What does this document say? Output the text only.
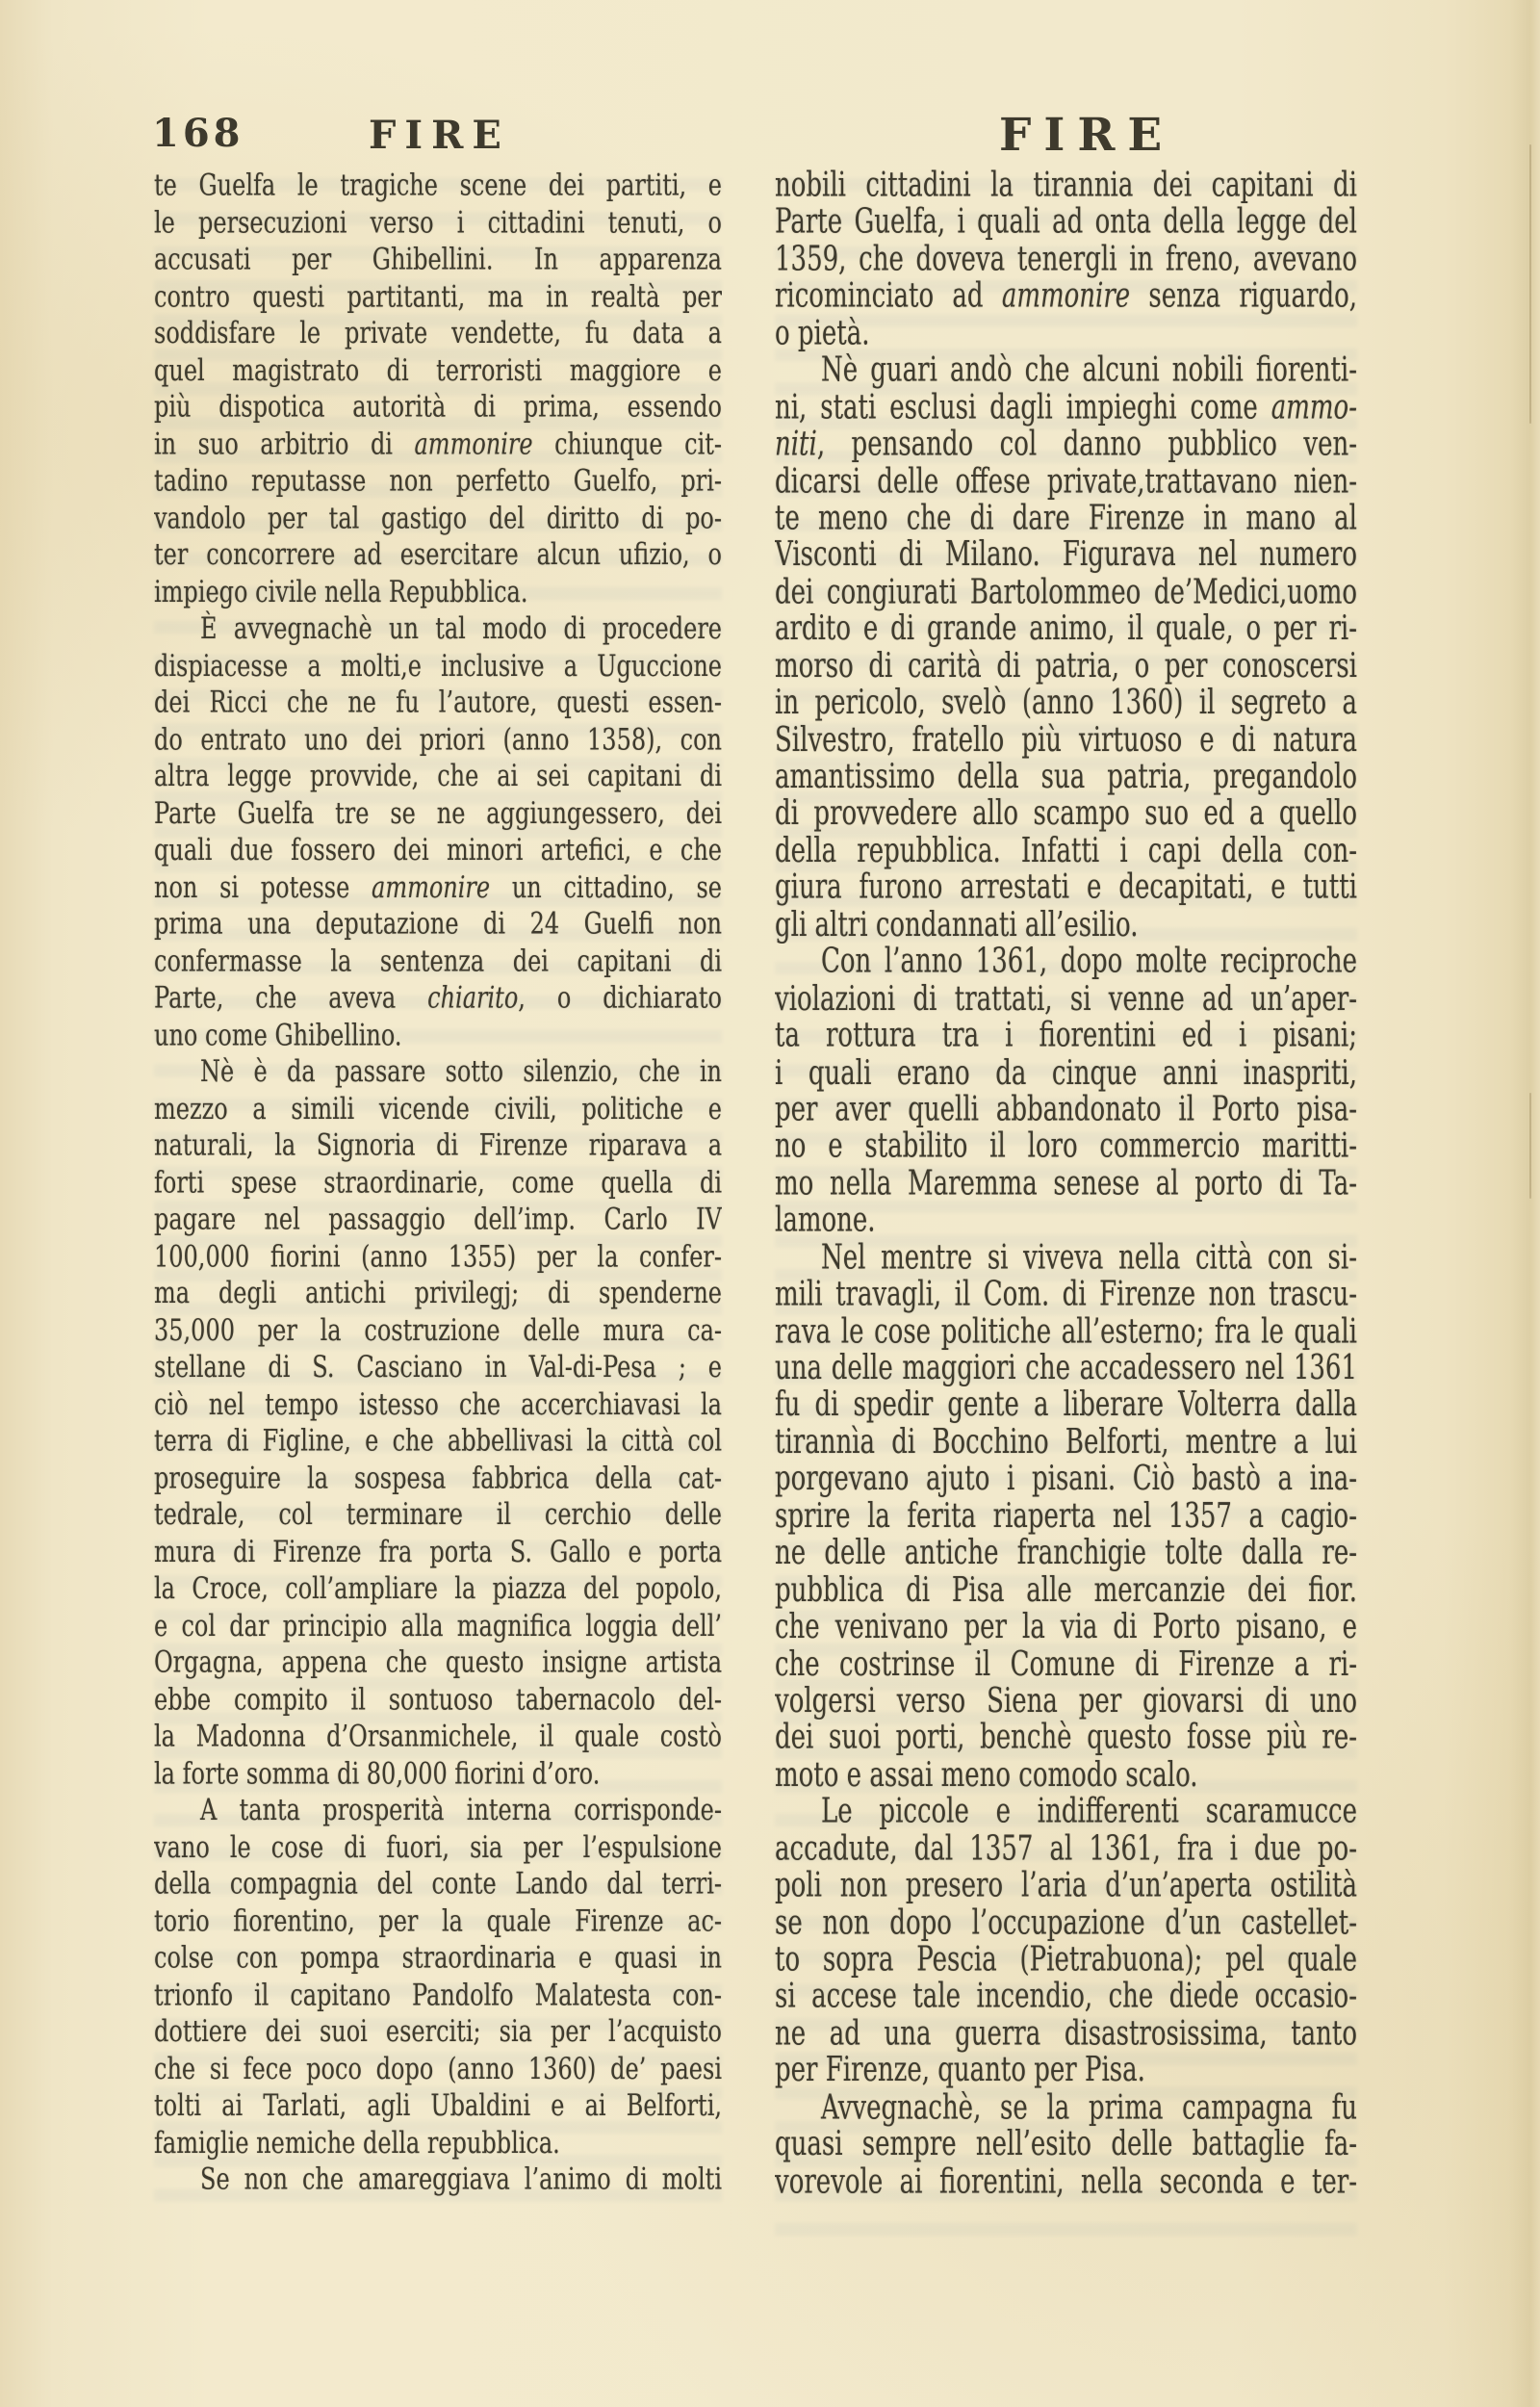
168	FIRE	FIRE
te Guelfa le tragiche scene dei partiti, e
le persecuzioni verso i cittadini tenuti, o
accusati per Ghibellini. In apparenza
contro questi partitanti, ma in realtà per
soddisfare le private vendette, fu data a
quel magistrato di terroristi maggiore e
più dispotica autorità di prima, essendo
in suo arbitrio di ammonire chiunque cit-
tadino reputasse non perfetto Guelfo, pri-
vandolo per tal gastigo del diritto di po-
ter concorrere ad esercitare alcun ufizio, o
impiego civile nella Repubblica.
È avvegnachè un tal modo di procedere
dispiacesse a molti,e inclusive a Uguccione
dei Ricci che ne fu l’autore, questi essen-
do entrato uno dei priori (anno 1358), con
altra legge provvide, che ai sei capitani di
Parte Guelfa tre se ne aggiungessero, dei
quali due fossero dei minori artefici, e che
non si potesse ammonire un cittadino, se
prima una deputazione di 24 Guelfi non
confermasse la sentenza dei capitani di
Parte, che aveva chiarito, o dichiarato
uno come Ghibellino.
Nè è da passare sotto silenzio, che in
mezzo a simili vicende civili, politiche e
naturali, la Signoria di Firenze riparava a
forti spese straordinarie, come quella di
pagare nel passaggio dell’imp. Carlo IV
100,000 fiorini (anno 1355) per la confer-
ma degli antichi privilegj; di spenderne
35,000 per la costruzione delle mura ca-
stellane di S. Casciano in Val-di-Pesa ; e
ciò nel tempo istesso che accerchiavasi la
terra di Figline, e che abbellivasi la città col
proseguire la sospesa fabbrica della cat-
tedrale, col terminare il cerchio delle
mura di Firenze fra porta S. Gallo e porta
la Croce, coll’ampliare la piazza del popolo,
e col dar principio alla magnifica loggia dell’
Orgagna, appena che questo insigne artista
ebbe compito il sontuoso tabernacolo del-
la Madonna d’Orsanmichele, il quale costò
la forte somma di 80,000 fiorini d’oro.
A tanta prosperità interna corrisponde-
vano le cose di fuori, sia per l’espulsione
della compagnia del conte Lando dal terri-
torio fiorentino, per la quale Firenze ac-
colse con pompa straordinaria e quasi in
trionfo il capitano Pandolfo Malatesta con-
dottiere dei suoi eserciti; sia per l’acquisto
che si fece poco dopo (anno 1360) de’ paesi
tolti ai Tarlati, agli Ubaldini e ai Belforti,
famiglie nemiche della repubblica.
Se non che amareggiava l’animo di molti
nobili cittadini la tirannia dei capitani di
Parte Guelfa, i quali ad onta della legge del
1359, che doveva tenergli in freno, avevano
ricominciato ad ammonire senza riguardo,
o pietà.
Nè guari andò che alcuni nobili fiorenti-
ni, stati esclusi dagli impieghi come ammo-
niti, pensando col danno pubblico ven-
dicarsi delle offese private,trattavano nien-
te meno che di dare Firenze in mano al
Visconti di Milano. Figurava nel numero
dei congiurati Bartolommeo de’Medici,uomo
ardito e di grande animo, il quale, o per ri-
morso di carità di patria, o per conoscersi
in pericolo, svelò (anno 1360) il segreto a
Silvestro, fratello più virtuoso e di natura
amantissimo della sua patria, pregandolo
di provvedere allo scampo suo ed a quello
della repubblica. Infatti i capi della con-
giura furono arrestati e decapitati, e tutti
gli altri condannati all’esilio.
Con l’anno 1361, dopo molte reciproche
violazioni di trattati, si venne ad un’aper-
ta rottura tra i fiorentini ed i pisani;
i quali erano da cinque anni inaspriti,
per aver quelli abbandonato il Porto pisa-
no e stabilito il loro commercio maritti-
mo nella Maremma senese al porto di Ta-
lamone.
Nel mentre si viveva nella città con si-
mili travagli, il Com. di Firenze non trascu-
rava le cose politiche all’esterno; fra le quali
una delle maggiori che accadessero nel 1361
fu di spedir gente a liberare Volterra dalla
tirannìa di Bocchino Belforti, mentre a lui
porgevano ajuto i pisani. Ciò bastò a ina-
sprire la ferita riaperta nel 1357 a cagio-
ne delle antiche franchigie tolte dalla re-
pubblica di Pisa alle mercanzie dei fior.
che venivano per la via di Porto pisano, e
che costrinse il Comune di Firenze a ri-
volgersi verso Siena per giovarsi di uno
dei suoi porti, benchè questo fosse più re-
moto e assai meno comodo scalo.
Le piccole e indifferenti scaramucce
accadute, dal 1357 al 1361, fra i due po-
poli non presero l’aria d’un’aperta ostilità
se non dopo l’occupazione d’un castellet-
to sopra Pescia (Pietrabuona); pel quale
si accese tale incendio, che diede occasio-
ne ad una guerra disastrosissima, tanto
per Firenze, quanto per Pisa.
Avvegnachè, se la prima campagna fu
quasi sempre nell’esito delle battaglie fa-
vorevole ai fiorentini, nella seconda e ter-
